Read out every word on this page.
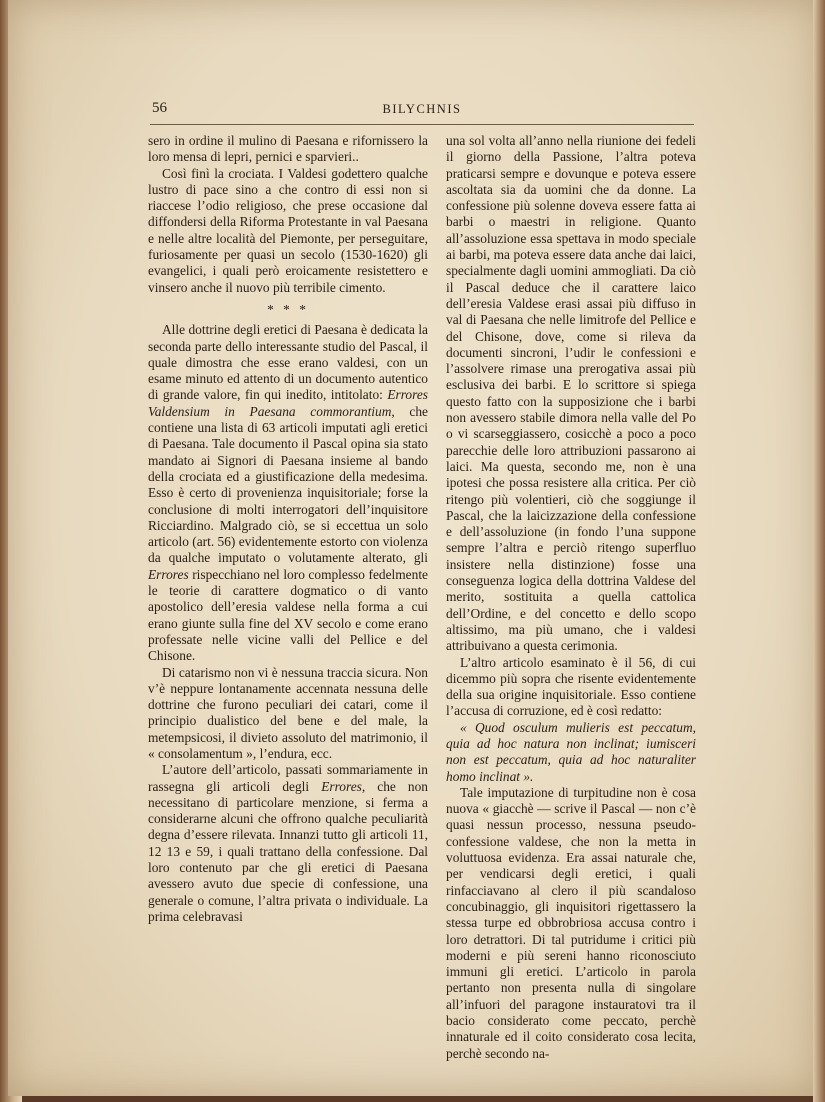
56	BILYCHNIS

sero in ordine il mulino di Paesana e rifornissero la loro mensa di lepri, pernici e sparvieri..

Così finì la crociata. I Valdesi godettero qualche lustro di pace sino a che contro di essi non si riaccese l’odio religioso, che prese occasione dal diffondersi della Riforma Protestante in val Paesana e nelle altre località del Piemonte, per perseguitare, furiosamente per quasi un secolo (1530-1620) gli evangelici, i quali però eroicamente resistettero e vinsero anche il nuovo più terribile cimento.

* * *

Alle dottrine degli eretici di Paesana è dedicata la seconda parte dello interessante studio del Pascal, il quale dimostra che esse erano valdesi, con un esame minuto ed attento di un documento autentico di grande valore, fin qui inedito, intitolato: Errores Valdensium in Paesana commorantium, che contiene una lista di 63 articoli imputati agli eretici di Paesana. Tale documento il Pascal opina sia stato mandato ai Signori di Paesana insieme al bando della crociata ed a giustificazione della medesima. Esso è certo di provenienza inquisitoriale; forse la conclusione di molti interrogatori dell’inquisitore Ricciardino. Malgrado ciò, se si eccettua un solo articolo (art. 56) evidentemente estorto con violenza da qualche imputato o volutamente alterato, gli Errores rispecchiano nel loro complesso fedelmente le teorie di carattere dogmatico o di vanto apostolico dell’eresia valdese nella forma a cui erano giunte sulla fine del XV secolo e come erano professate nelle vicine valli del Pellice e del Chisone.

Di catarismo non vi è nessuna traccia sicura. Non v’è neppure lontanamente accennata nessuna delle dottrine che furono peculiari dei catari, come il principio dualistico del bene e del male, la metempsicosi, il divieto assoluto del matrimonio, il « consolamentum », l’endura, ecc.

L’autore dell’articolo, passati sommariamente in rassegna gli articoli degli Errores, che non necessitano di particolare menzione, si ferma a considerarne alcuni che offrono qualche peculiarità degna d’essere rilevata. Innanzi tutto gli articoli 11, 12 13 e 59, i quali trattano della confessione. Dal loro contenuto par che gli eretici di Paesana avessero avuto due specie di confessione, una generale o comune, l’altra privata o individuale. La prima celebravasi

una sol volta all’anno nella riunione dei fedeli il giorno della Passione, l’altra poteva praticarsi sempre e dovunque e poteva essere ascoltata sia da uomini che da donne. La confessione più solenne doveva essere fatta ai barbi o maestri in religione. Quanto all’assoluzione essa spettava in modo speciale ai barbi, ma poteva essere data anche dai laici, specialmente dagli uomini ammogliati. Da ciò il Pascal deduce che il carattere laico dell’eresia Valdese erasi assai più diffuso in val di Paesana che nelle limitrofe del Pellice e del Chisone, dove, come si rileva da documenti sincroni, l’udir le confessioni e l’assolvere rimase una prerogativa assai più esclusiva dei barbi. E lo scrittore si spiega questo fatto con la supposizione che i barbi non avessero stabile dimora nella valle del Po o vi scarseggiassero, cosicchè a poco a poco parecchie delle loro attribuzioni passarono ai laici. Ma questa, secondo me, non è una ipotesi che possa resistere alla critica. Per ciò ritengo più volentieri, ciò che soggiunge il Pascal, che la laicizzazione della confessione e dell’assoluzione (in fondo l’una suppone sempre l’altra e perciò ritengo superfluo insistere nella distinzione) fosse una conseguenza logica della dottrina Valdese del merito, sostituita a quella cattolica dell’Ordine, e del concetto e dello scopo altissimo, ma più umano, che i valdesi attribuivano a questa cerimonia.

L’altro articolo esaminato è il 56, di cui dicemmo più sopra che risente evidentemente della sua origine inquisitoriale. Esso contiene l’accusa di corruzione, ed è così redatto:

« Quod osculum mulieris est peccatum, quia ad hoc natura non inclinat; iumisceri non est peccatum, quia ad hoc naturaliter homo inclinat ».

Tale imputazione di turpitudine non è cosa nuova « giacchè — scrive il Pascal — non c’è quasi nessun processo, nessuna pseudo-confessione valdese, che non la metta in voluttuosa evidenza. Era assai naturale che, per vendicarsi degli eretici, i quali rinfacciavano al clero il più scandaloso concubinaggio, gli inquisitori rigettassero la stessa turpe ed obbrobriosa accusa contro i loro detrattori. Di tal putridume i critici più moderni e più sereni hanno riconosciuto immuni gli eretici. L’articolo in parola pertanto non presenta nulla di singolare all’infuori del paragone instauratovi tra il bacio considerato come peccato, perchè innaturale ed il coito considerato cosa lecita, perchè secondo na-
